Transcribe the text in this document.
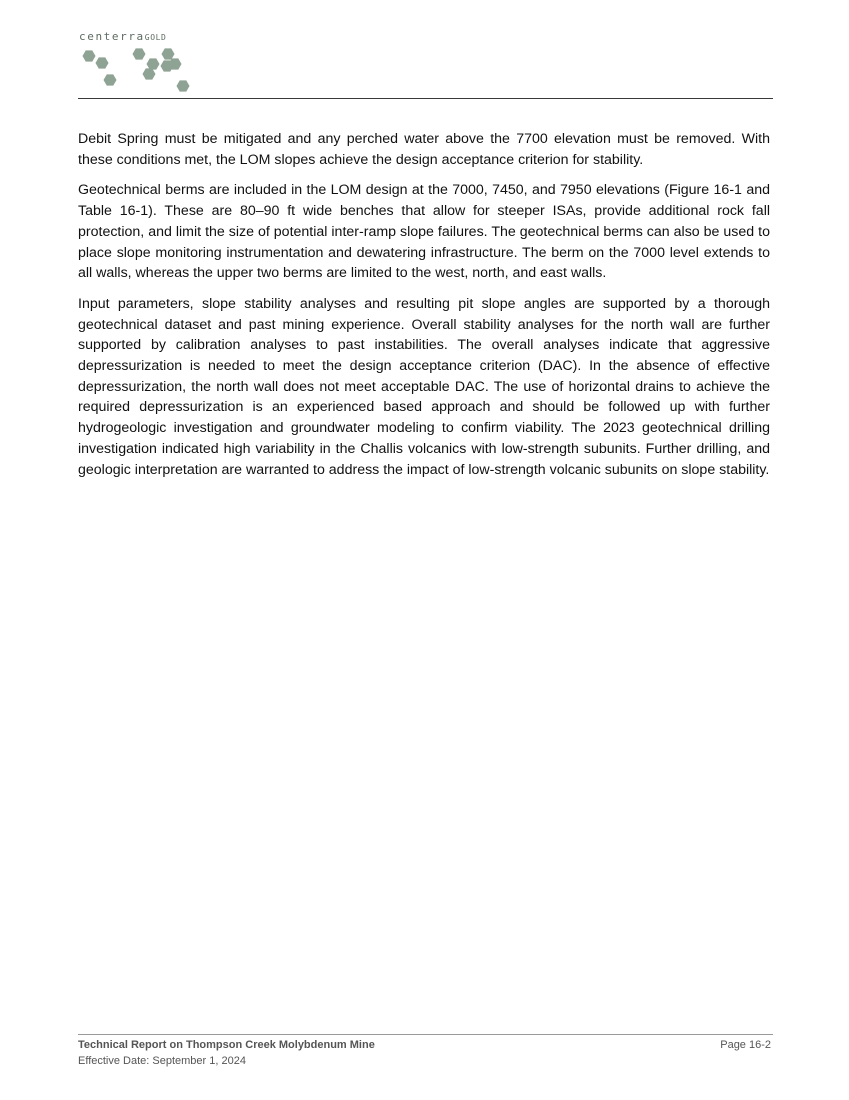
centerraGOLD

Debit Spring must be mitigated and any perched water above the 7700 elevation must be removed. With these conditions met, the LOM slopes achieve the design acceptance criterion for stability.

Geotechnical berms are included in the LOM design at the 7000, 7450, and 7950 elevations (Figure 16-1 and Table 16-1). These are 80–90 ft wide benches that allow for steeper ISAs, provide additional rock fall protection, and limit the size of potential inter-ramp slope failures. The geotechnical berms can also be used to place slope monitoring instrumentation and dewatering infrastructure. The berm on the 7000 level extends to all walls, whereas the upper two berms are limited to the west, north, and east walls.

Input parameters, slope stability analyses and resulting pit slope angles are supported by a thorough geotechnical dataset and past mining experience. Overall stability analyses for the north wall are further supported by calibration analyses to past instabilities. The overall analyses indicate that aggressive depressurization is needed to meet the design acceptance criterion (DAC). In the absence of effective depressurization, the north wall does not meet acceptable DAC. The use of horizontal drains to achieve the required depressurization is an experienced based approach and should be followed up with further hydrogeologic investigation and groundwater modeling to confirm viability. The 2023 geotechnical drilling investigation indicated high variability in the Challis volcanics with low-strength subunits. Further drilling, and geologic interpretation are warranted to address the impact of low-strength volcanic subunits on slope stability.

Technical Report on Thompson Creek Molybdenum Mine
Effective Date: September 1, 2024
Page 16-2
